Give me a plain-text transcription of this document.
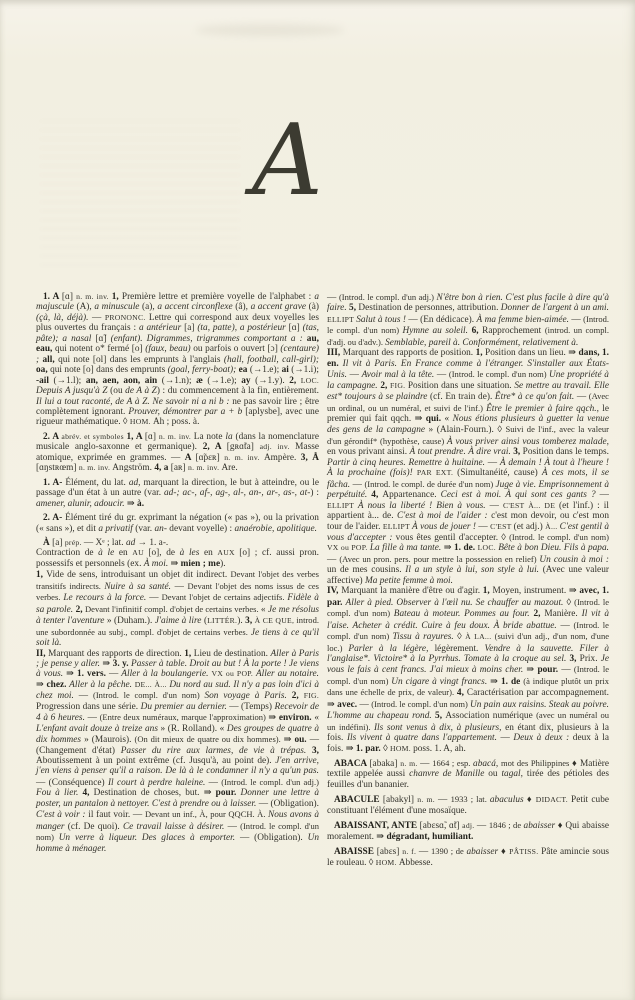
A

1. A [ɑ] n. m. inv. 1, Première lettre et première voyelle de l'alphabet : a majuscule (A), a minuscule (a), a accent circonflexe (â), a accent grave (à) (çà, là, déjà). — PRONONC. Lettre qui correspond aux deux voyelles les plus ouvertes du français : a antérieur [a] (ta, patte), a postérieur [ɑ] (tas, pâte); a nasal [ɑ̃] (enfant). Digrammes, trigrammes comportant a : au, eau, qui notent o* fermé [o] (faux, beau) ou parfois o ouvert [ɔ] (centaure) ; all, qui note [ol] dans les emprunts à l'anglais (hall, football, call-girl); oa, qui note [o] dans des emprunts (goal, ferry-boat); ea (→1.e); ai (→1.i); -ail (→1.l); an, aen, aon, ain (→1.n); æ (→1.e); ay (→1.y). 2, LOC. Depuis A jusqu'à Z (ou de A à Z) : du commencement à la fin, entièrement. Il lui a tout raconté, de A à Z. Ne savoir ni a ni b : ne pas savoir lire ; être complètement ignorant. Prouver, démontrer par a + b [aplysbe], avec une rigueur mathématique. ◊ HOM. Ah ; poss. à.

2. A abrév. et symboles 1, A [ɑ] n. m. inv. La note la (dans la nomenclature musicale anglo-saxonne et germanique). 2, A [gʀɑ̃ta] adj. inv. Masse atomique, exprimée en grammes. — A [ɑ̃pɛʀ] n. m. inv. Ampère. 3, Å [ɑŋstʀœm] n. m. inv. Angström. 4, a [aʀ] n. m. inv. Are.

1. A- Élément, du lat. ad, marquant la direction, le but à atteindre, ou le passage d'un état à un autre (var. ad-; ac-, af-, ag-, al-, an-, ar-, as-, at-) : amener, alunir, adoucir. ⇒ à.

2. A- Élément tiré du gr. exprimant la négation (« pas »), ou la privation (« sans »), et dit a privatif (var. an- devant voyelle) : anaérobie, apolitique.

À [a] prép. — Xᵉ ; lat. ad → 1. a-.

Contraction de à le en AU [o], de à les en AUX [o] ; cf. aussi pron. possessifs et personnels (ex. À moi. ⇒ mien ; me).

1, Vide de sens, introduisant un objet dit indirect. Devant l'objet des verbes transitifs indirects. Nuire à sa santé. — Devant l'objet des noms issus de ces verbes. Le recours à la force. — Devant l'objet de certains adjectifs. Fidèle à sa parole. 2, Devant l'infinitif compl. d'objet de certains verbes. « Je me résolus à tenter l'aventure » (Duham.). J'aime à lire (LITTÉR.). 3, À CE QUE, introd. une subordonnée au subj., compl. d'objet de certains verbes. Je tiens à ce qu'il soit là.

II, Marquant des rapports de direction. 1, Lieu de destination. Aller à Paris ; je pense y aller. ⇒ 3. y. Passer à table. Droit au but ! À la porte ! Je viens à vous. ⇒ 1. vers. — Aller à la boulangerie. VX ou POP. Aller au notaire. ⇒ chez. Aller à la pêche. DE... À... Du nord au sud. Il n'y a pas loin d'ici à chez moi. — (Introd. le compl. d'un nom) Son voyage à Paris. 2, FIG. Progression dans une série. Du premier au dernier. — (Temps) Recevoir de 4 à 6 heures. — (Entre deux numéraux, marque l'approximation) ⇒ environ. « L'enfant avait douze à treize ans » (R. Rolland). « Des groupes de quatre à dix hommes » (Maurois). (On dit mieux de quatre ou dix hommes). ⇒ ou. — (Changement d'état) Passer du rire aux larmes, de vie à trépas. 3, Aboutissement à un point extrême (cf. Jusqu'à, au point de). J'en arrive, j'en viens à penser qu'il a raison. De là à le condamner il n'y a qu'un pas. — (Conséquence) Il court à perdre haleine. — (Introd. le compl. d'un adj.) Fou à lier. 4, Destination de choses, but. ⇒ pour. Donner une lettre à poster, un pantalon à nettoyer. C'est à prendre ou à laisser. — (Obligation). C'est à voir : il faut voir. — Devant un inf., À, pour QQCH. À. Nous avons à manger (cf. De quoi). Ce travail laisse à désirer. — (Introd. le compl. d'un nom) Un verre à liqueur. Des glaces à emporter. — (Obligation). Un homme à ménager.

— (Introd. le compl. d'un adj.) N'être bon à rien. C'est plus facile à dire qu'à faire. 5, Destination de personnes, attribution. Donner de l'argent à un ami. ELLIPT Salut à tous ! — (En dédicace). À ma femme bien-aimée. — (Introd. le compl. d'un nom) Hymne au soleil. 6, Rapprochement (introd. un compl. d'adj. ou d'adv.). Semblable, pareil à. Conformément, relativement à.

III, Marquant des rapports de position. 1, Position dans un lieu. ⇒ dans, 1. en. Il vit à Paris. En France comme à l'étranger. S'installer aux États-Unis. — Avoir mal à la tête. — (Introd. le compl. d'un nom) Une propriété à la campagne. 2, FIG. Position dans une situation. Se mettre au travail. Elle est* toujours à se plaindre (cf. En train de). Être* à ce qu'on fait. — (Avec un ordinal, ou un numéral, et suivi de l'inf.) Être le premier à faire qqch., le premier qui fait qqch. ⇒ qui. « Nous étions plusieurs à guetter la venue des gens de la campagne » (Alain-Fourn.). ◊ Suivi de l'inf., avec la valeur d'un gérondif* (hypothèse, cause) À vous priver ainsi vous tomberez malade, en vous privant ainsi. À tout prendre. À dire vrai. 3, Position dans le temps. Partir à cinq heures. Remettre à huitaine. — À demain ! À tout à l'heure ! À la prochaine (fois)! PAR EXT. (Simultanéité, cause) À ces mots, il se fâcha. — (Introd. le compl. de durée d'un nom) Juge à vie. Emprisonnement à perpétuité. 4, Appartenance. Ceci est à moi. À qui sont ces gants ? — ELLIPT À nous la liberté ! Bien à vous. — C'EST À... DE (et l'inf.) : il appartient à... de. C'est à moi de l'aider : c'est mon devoir, ou c'est mon tour de l'aider. ELLIPT À vous de jouer ! — C'EST (et adj.) À... C'est gentil à vous d'accepter : vous êtes gentil d'accepter. ◊ (Introd. le compl. d'un nom) VX ou POP. La fille à ma tante. ⇒ 1. de. LOC. Bête à bon Dieu. Fils à papa. — (Avec un pron. pers. pour mettre la possession en relief) Un cousin à moi : un de mes cousins. Il a un style à lui, son style à lui. (Avec une valeur affective) Ma petite femme à moi.

IV, Marquant la manière d'être ou d'agir. 1, Moyen, instrument. ⇒ avec, 1. par. Aller à pied. Observer à l'œil nu. Se chauffer au mazout. ◊ (Introd. le compl. d'un nom) Bateau à moteur. Pommes au four. 2, Manière. Il vit à l'aise. Acheter à crédit. Cuire à feu doux. À bride abattue. — (Introd. le compl. d'un nom) Tissu à rayures. ◊ À LA... (suivi d'un adj., d'un nom, d'une loc.) Parler à la légère, légèrement. Vendre à la sauvette. Filer à l'anglaise*. Victoire* à la Pyrrhus. Tomate à la croque au sel. 3, Prix. Je vous le fais à cent francs. J'ai mieux à moins cher. ⇒ pour. — (Introd. le compl. d'un nom) Un cigare à vingt francs. ⇒ 1. de (à indique plutôt un prix dans une échelle de prix, de valeur). 4, Caractérisation par accompagnement. ⇒ avec. — (Introd. le compl. d'un nom) Un pain aux raisins. Steak au poivre. L'homme au chapeau rond. 5, Association numérique (avec un numéral ou un indéfini). Ils sont venus à dix, à plusieurs, en étant dix, plusieurs à la fois. Ils vivent à quatre dans l'appartement. — Deux à deux : deux à la fois. ⇒ 1. par. ◊ HOM. poss. 1. A, ah.

ABACA [abaka] n. m. — 1664 ; esp. abacá, mot des Philippines ♦ Matière textile appelée aussi chanvre de Manille ou tagal, tirée des pétioles des feuilles d'un bananier.

ABACULE [abakyl] n. m. — 1933 ; lat. abaculus ♦ DIDACT. Petit cube constituant l'élément d'une mosaïque.

ABAISSANT, ANTE [abɛsɑ̃, ɑ̃t] adj. — 1846 ; de abaisser ♦ Qui abaisse moralement. ⇒ dégradant, humiliant.

ABAISSE [abɛs] n. f. — 1390 ; de abaisser ♦ PÂTISS. Pâte amincie sous le rouleau. ◊ HOM. Abbesse.
